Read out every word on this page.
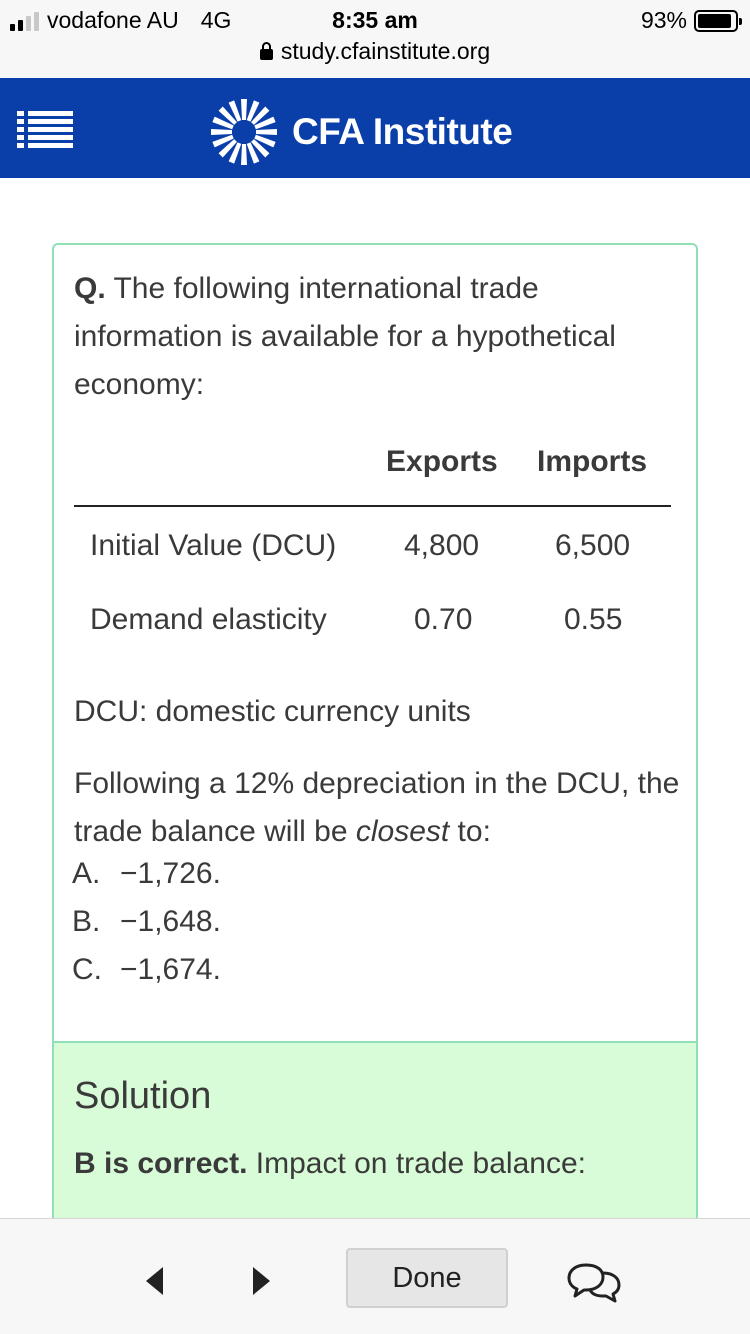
vodafone AU 4G	8:35 am	93%
study.cfainstitute.org
CFA Institute
Q. The following international trade information is available for a hypothetical economy:
Exports Imports
Initial Value (DCU) 4,800	6,500
Demand elasticity	0.70	0.55
DCU: domestic currency units
Following a 12% depreciation in the DCU, the trade balance will be closest to:
A. −1,726.
B. −1,648.
C. −1,674.
Solution
B is correct. Impact on trade balance:
Done
